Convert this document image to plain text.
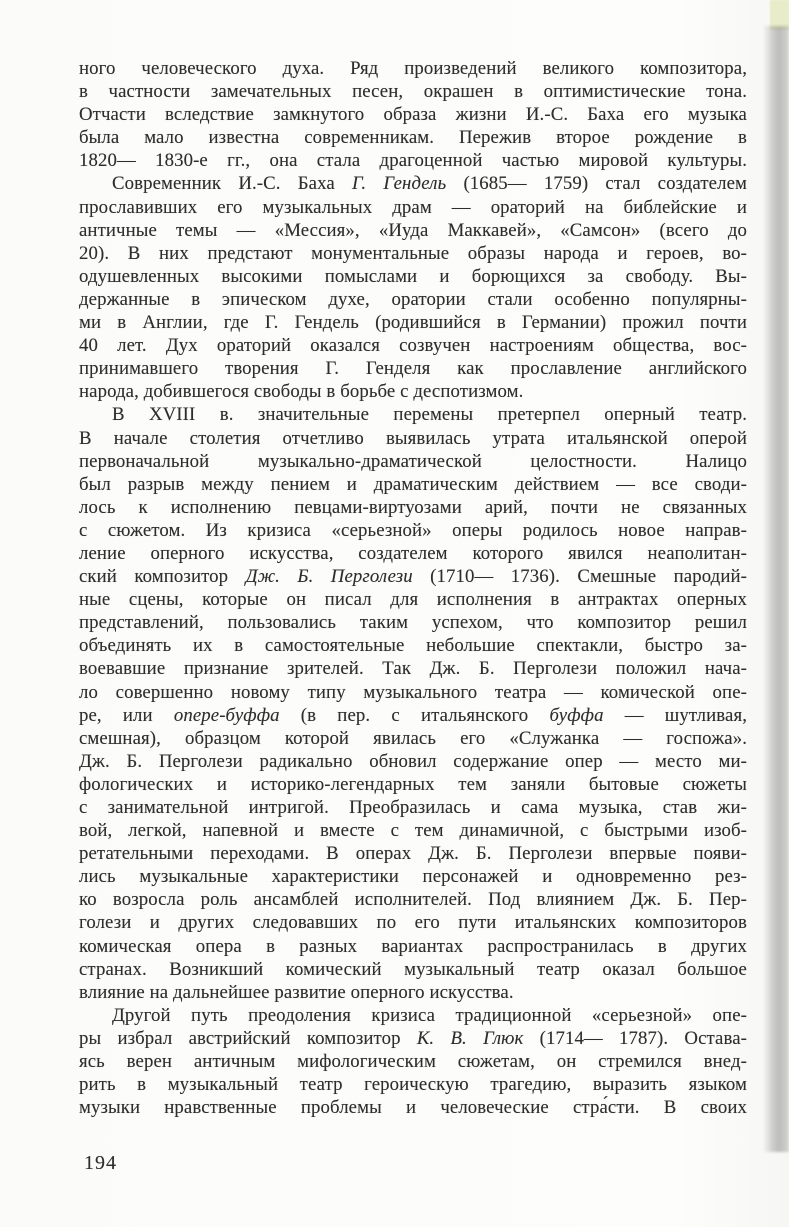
ного человеческого духа. Ряд произведений великого композитора,
в частности замечательных песен, окрашен в оптимистические тона.
Отчасти вследствие замкнутого образа жизни И.-С. Баха его музыка
была мало известна современникам. Пережив второе рождение в
1820— 1830-е гг., она стала драгоценной частью мировой культуры.
Современник И.-С. Баха Г. Гендель (1685— 1759) стал создателем
прославивших его музыкальных драм — ораторий на библейские и
античные темы — «Мессия», «Иуда Маккавей», «Самсон» (всего до
20). В них предстают монументальные образы народа и героев, во-
одушевленных высокими помыслами и борющихся за свободу. Вы-
держанные в эпическом духе, оратории стали особенно популярны-
ми в Англии, где Г. Гендель (родившийся в Германии) прожил почти
40 лет. Дух ораторий оказался созвучен настроениям общества, вос-
принимавшего творения Г. Генделя как прославление английского
народа, добившегося свободы в борьбе с деспотизмом.
В XVIII в. значительные перемены претерпел оперный театр.
В начале столетия отчетливо выявилась утрата итальянской оперой
первоначальной музыкально-драматической целостности. Налицо
был разрыв между пением и драматическим действием — все своди-
лось к исполнению певцами-виртуозами арий, почти не связанных
с сюжетом. Из кризиса «серьезной» оперы родилось новое направ-
ление оперного искусства, создателем которого явился неаполитан-
ский композитор Дж. Б. Перголези (1710— 1736). Смешные пародий-
ные сцены, которые он писал для исполнения в антрактах оперных
представлений, пользовались таким успехом, что композитор решил
объединять их в самостоятельные небольшие спектакли, быстро за-
воевавшие признание зрителей. Так Дж. Б. Перголези положил нача-
ло совершенно новому типу музыкального театра — комической опе-
ре, или опере-буффа (в пер. с итальянского буффа — шутливая,
смешная), образцом которой явилась его «Служанка — госпожа».
Дж. Б. Перголези радикально обновил содержание опер — место ми-
фологических и историко-легендарных тем заняли бытовые сюжеты
с занимательной интригой. Преобразилась и сама музыка, став жи-
вой, легкой, напевной и вместе с тем динамичной, с быстрыми изоб-
ретательными переходами. В операх Дж. Б. Перголези впервые появи-
лись музыкальные характеристики персонажей и одновременно рез-
ко возросла роль ансамблей исполнителей. Под влиянием Дж. Б. Пер-
голези и других следовавших по его пути итальянских композиторов
комическая опера в разных вариантах распространилась в других
странах. Возникший комический музыкальный театр оказал большое
влияние на дальнейшее развитие оперного искусства.
Другой путь преодоления кризиса традиционной «серьезной» опе-
ры избрал австрийский композитор К. В. Глюк (1714— 1787). Остава-
ясь верен античным мифологическим сюжетам, он стремился внед-
рить в музыкальный театр героическую трагедию, выразить языком
музыки нравственные проблемы и человеческие стра́сти. В своих
194
